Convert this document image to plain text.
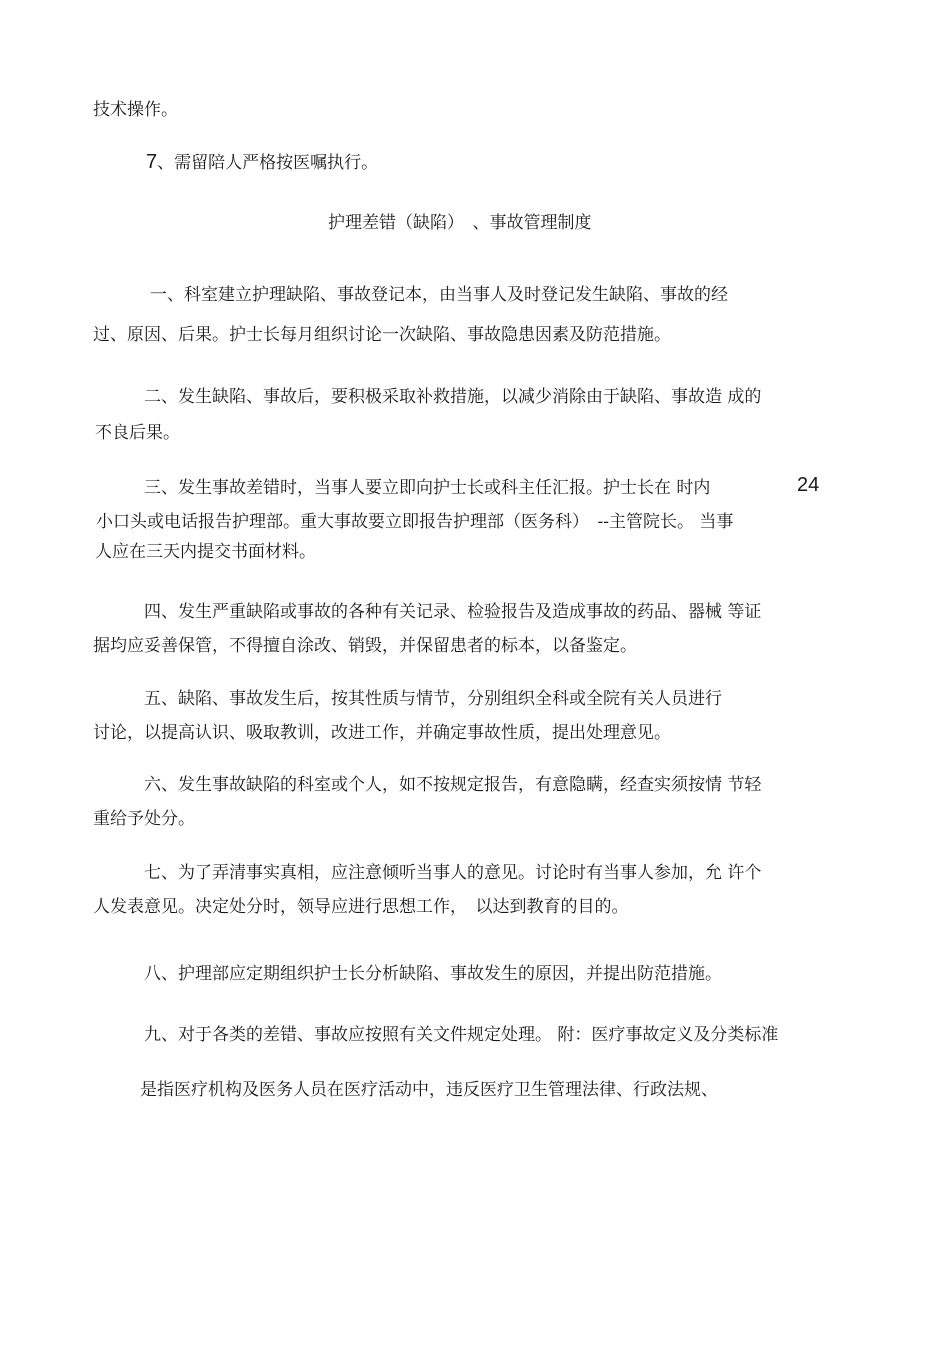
技术操作。
7、需留陪人严格按医嘱执行。
护理差错（缺陷）　、事故管理制度
一、科室建立护理缺陷、事故登记本，由当事人及时登记发生缺陷、事故的经
过、原因、后果。护士长每月组织讨论一次缺陷、事故隐患因素及防范措施。
二、发生缺陷、事故后，要积极采取补救措施，以减少消除由于缺陷、事故造 成的
不良后果。
三、发生事故差错时，当事人要立即向护士长或科主任汇报。护士长在 时内	24
小口头或电话报告护理部。重大事故要立即报告护理部（医务科）　--主管院长。 当事
人应在三天内提交书面材料。
四、发生严重缺陷或事故的各种有关记录、检验报告及造成事故的药品、器械 等证
据均应妥善保管，不得擅自涂改、销毁，并保留患者的标本，以备鉴定。
五、缺陷、事故发生后，按其性质与情节，分别组织全科或全院有关人员进行
讨论，以提高认识、吸取教训，改进工作，并确定事故性质，提出处理意见。
六、发生事故缺陷的科室或个人，如不按规定报告，有意隐瞒，经查实须按情 节轻
重给予处分。
七、为了弄清事实真相，应注意倾听当事人的意见。讨论时有当事人参加，允 许个
人发表意见。决定处分时，领导应进行思想工作，　以达到教育的目的。
八、护理部应定期组织护士长分析缺陷、事故发生的原因，并提出防范措施。
九、对于各类的差错、事故应按照有关文件规定处理。 附：医疗事故定义及分类标准
是指医疗机构及医务人员在医疗活动中，违反医疗卫生管理法律、行政法规、
